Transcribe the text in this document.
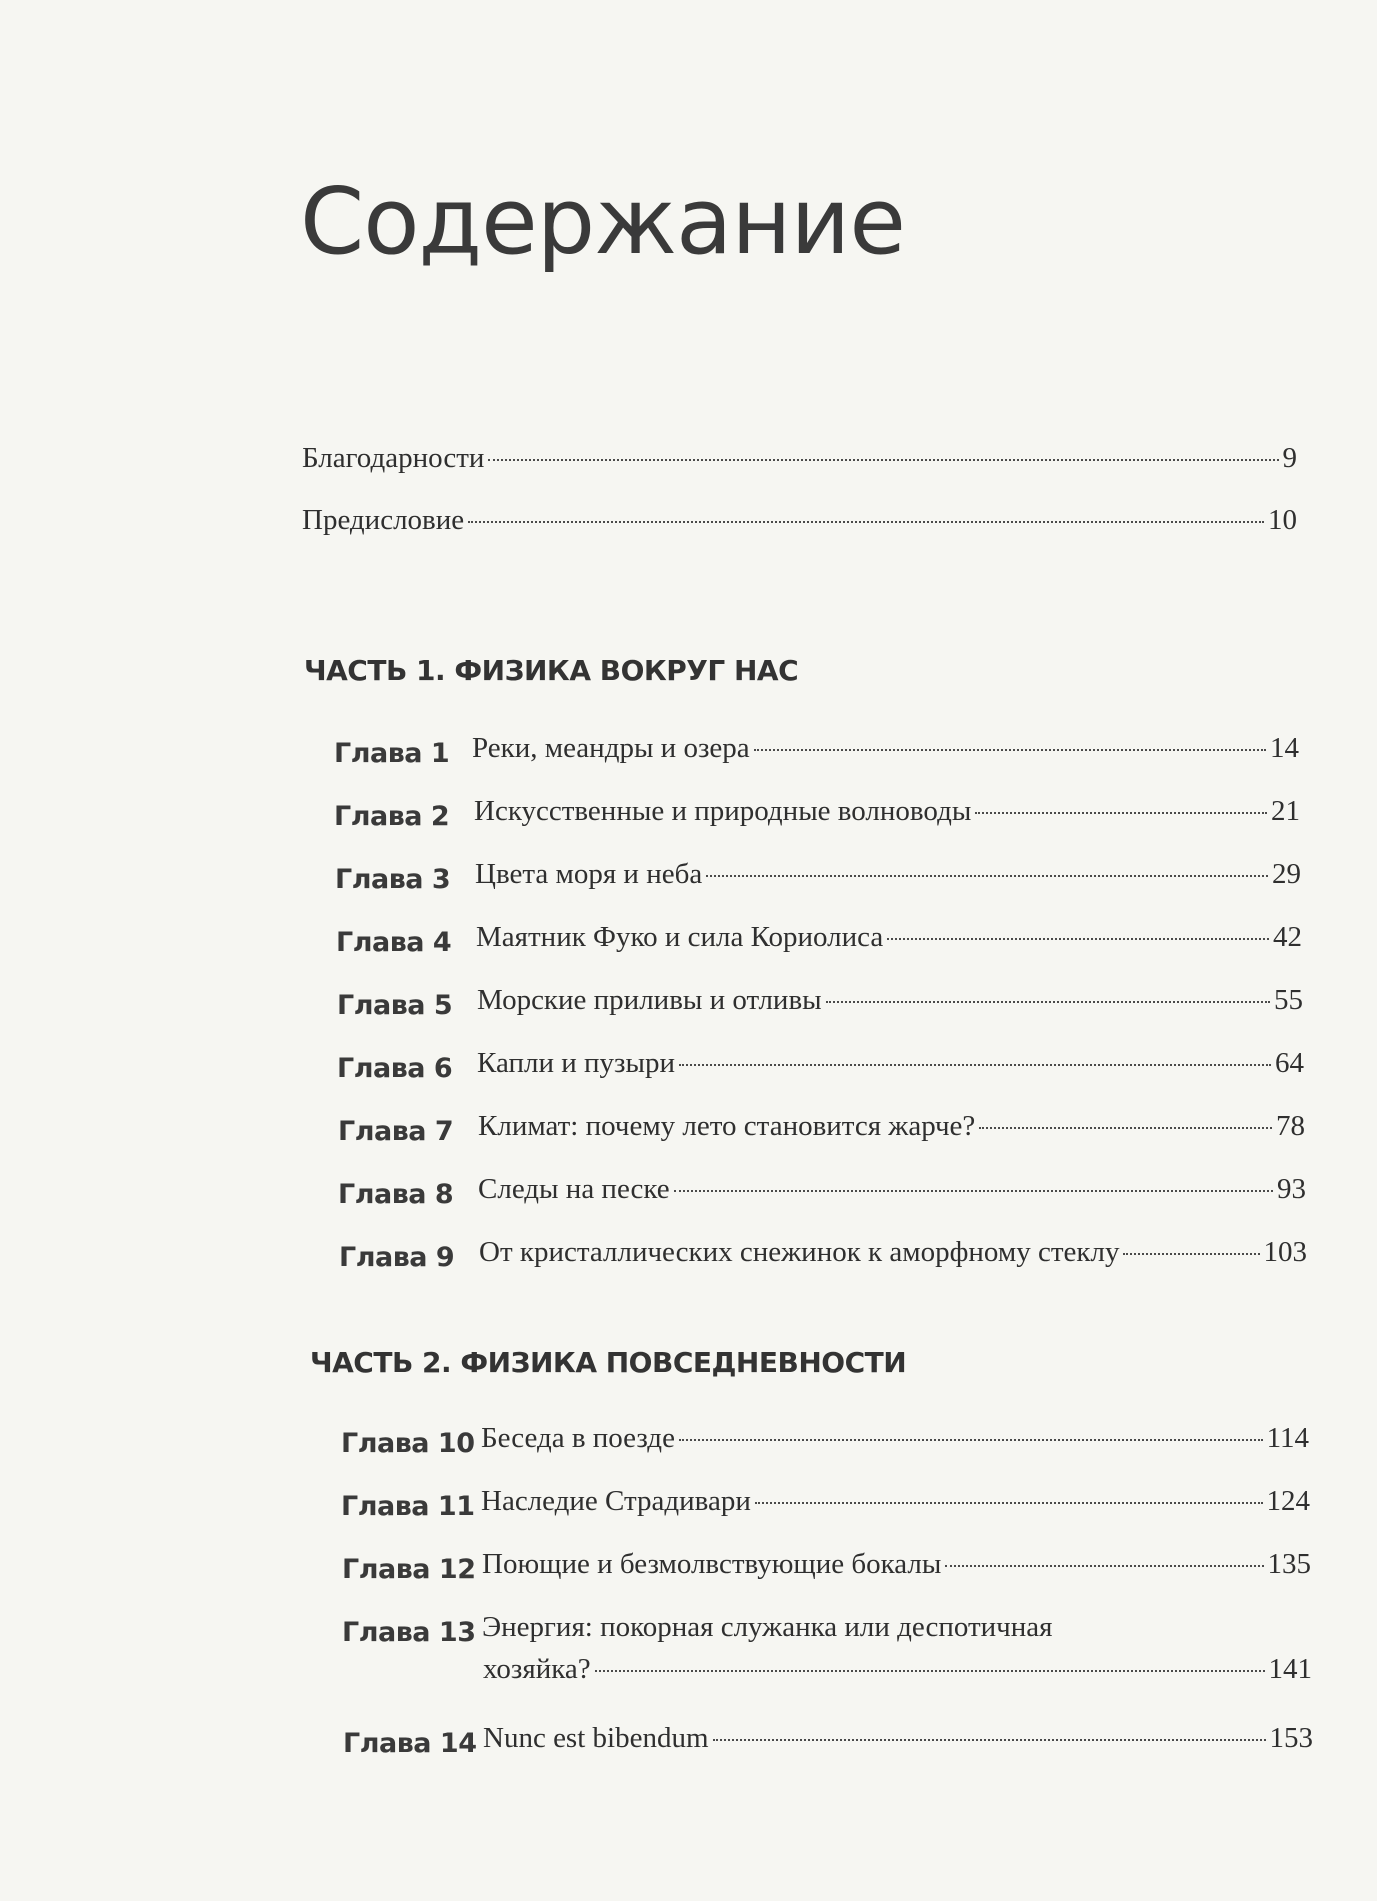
Содержание
Благодарности	9
Предисловие	10
ЧАСТЬ 1. ФИЗИКА ВОКРУГ НАС
Глава 1 Реки, меандры и озера	14
Глава 2 Искусственные и природные волноводы	21
Глава 3 Цвета моря и неба	29
Глава 4 Маятник Фуко и сила Кориолиса	42
Глава 5 Морские приливы и отливы	55
Глава 6 Капли и пузыри	64
Глава 7 Климат: почему лето становится жарче?	78
Глава 8 Следы на песке	93
Глава 9 От кристаллических снежинок к аморфному стеклу	103
ЧАСТЬ 2. ФИЗИКА ПОВСЕДНЕВНОСТИ
Глава 10 Беседа в поезде	114
Глава 11 Наследие Страдивари	124
Глава 12 Поющие и безмолвствующие бокалы	135
Глава 13 Энергия: покорная служанка или деспотичная
хозяйка?	141
Глава 14 Nunc est bibendum	153
